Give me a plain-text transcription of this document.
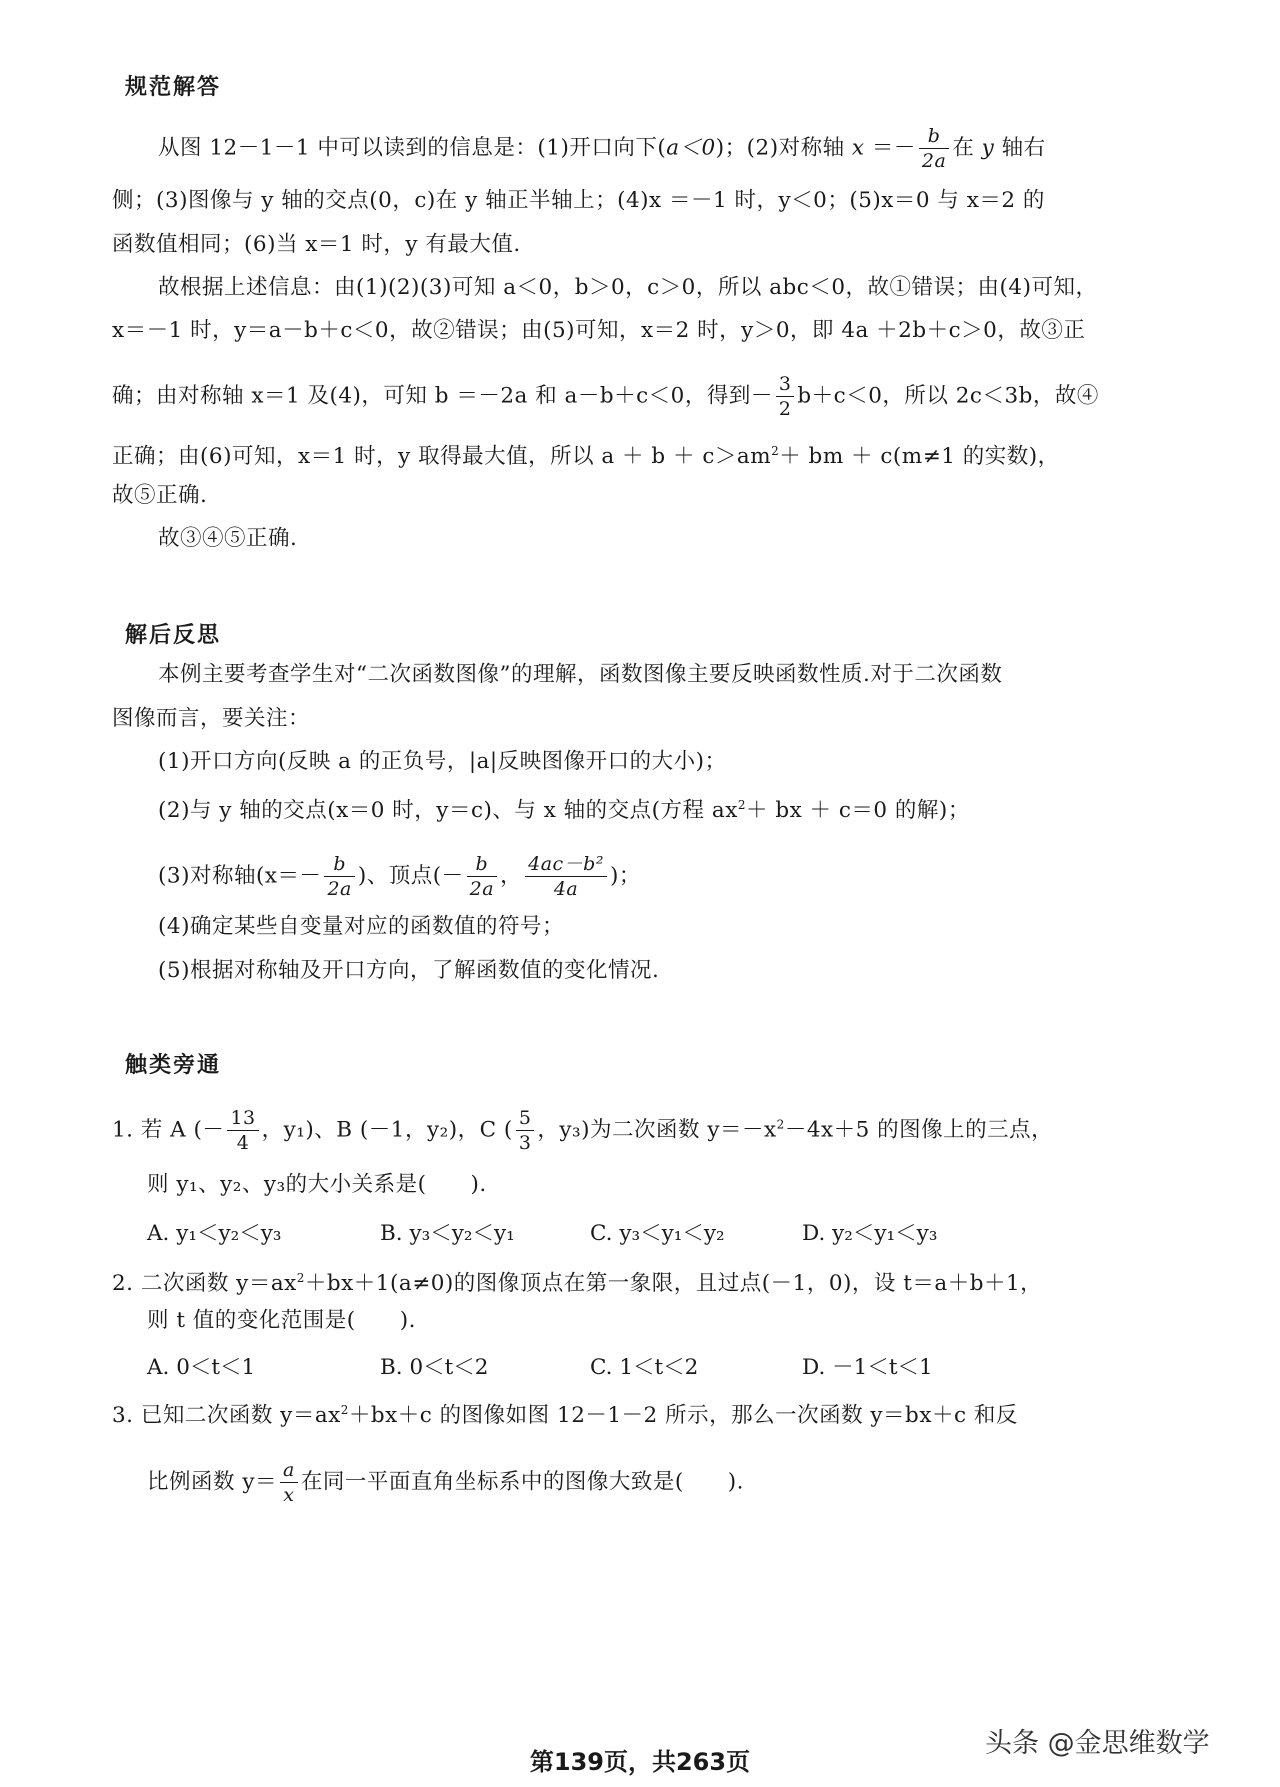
规范解答
从图 12－1－1 中可以读到的信息是：(1)开口向下(a＜0)；(2)对称轴 $x =- \frac{b}{2a}$ 在 y 轴右
侧；(3)图像与 y 轴的交点(0，c)在 y 轴正半轴上；(4)x ＝－1 时，y＜0；(5)x＝0 与 x＝2 的
函数值相同；(6)当 x＝1 时，y 有最大值.
故根据上述信息：由(1)(2)(3)可知 a＜0，b＞0，c＞0，所以 abc＜0，故①错误；由(4)可知，
x＝－1 时，y＝a－b＋c＜0，故②错误；由(5)可知，x＝2 时，y＞0，即 4a ＋2b＋c＞0，故③正
确；由对称轴 x＝1 及(4)，可知 b ＝－2a 和 a－b＋c＜0，得到－ $\frac{3}{2} b+c<0$，所以 2c＜3b，故④
正确；由(6)可知，x＝1 时，y 取得最大值，所以 $a + b + c>am^2+$ bm ＋ c(m≠1 的实数)，
故⑤正确.
故③④⑤正确.
解后反思
本例主要考查学生对“二次函数图像”的理解，函数图像主要反映函数性质.对于二次函数
图像而言，要关注：
(1)开口方向(反映 a 的正负号，|a|反映图像开口的大小)；
(2)与 y 轴的交点(x＝0 时，y＝c)、与 x 轴的交点(方程 $ax^2+$ bx ＋ c＝0 的解)；
(3)对称轴($x=- \frac{b}{2a}$ )、顶点(－ $\frac{b}{2a}$ ， $\frac{\text{4ac－b²}}{4a}$ )；
(4)确定某些自变量对应的函数值的符号；
(5)根据对称轴及开口方向，了解函数值的变化情况.
触类旁通
1. 若 A (－ $\frac{13}{4}$ ，y₁)、B (－1，y₂)，C ( $\frac{5}{3}$ ，y₃)为二次函数 $y=-x^2-4x+5$ 的图像上的三点，
则 y₁、y₂、y₃的大小关系是(　　).
A. y₁＜y₂＜y₃	B. y₃＜y₂＜y₁	C. y₃＜y₁＜y₂	D. y₂＜y₁＜y₃
2. 二次函数 $y=ax^2+bx+1(a\ne 0)$的图像顶点在第一象限，且过点(－1，0)，设 t＝a＋b＋1，
则 t 值的变化范围是(　　).
A. 0＜t＜1	B. 0＜t＜2	C. 1＜t＜2	D. －1＜t＜1
3. 已知二次函数 $y=ax^2+bx+c$ 的图像如图 12－1－2 所示，那么一次函数 y＝bx＋c 和反
比例函数 $y= \frac{a}{x}$ 在同一平面直角坐标系中的图像大致是(　　).
头条 @金思维数学
第139页，共263页
